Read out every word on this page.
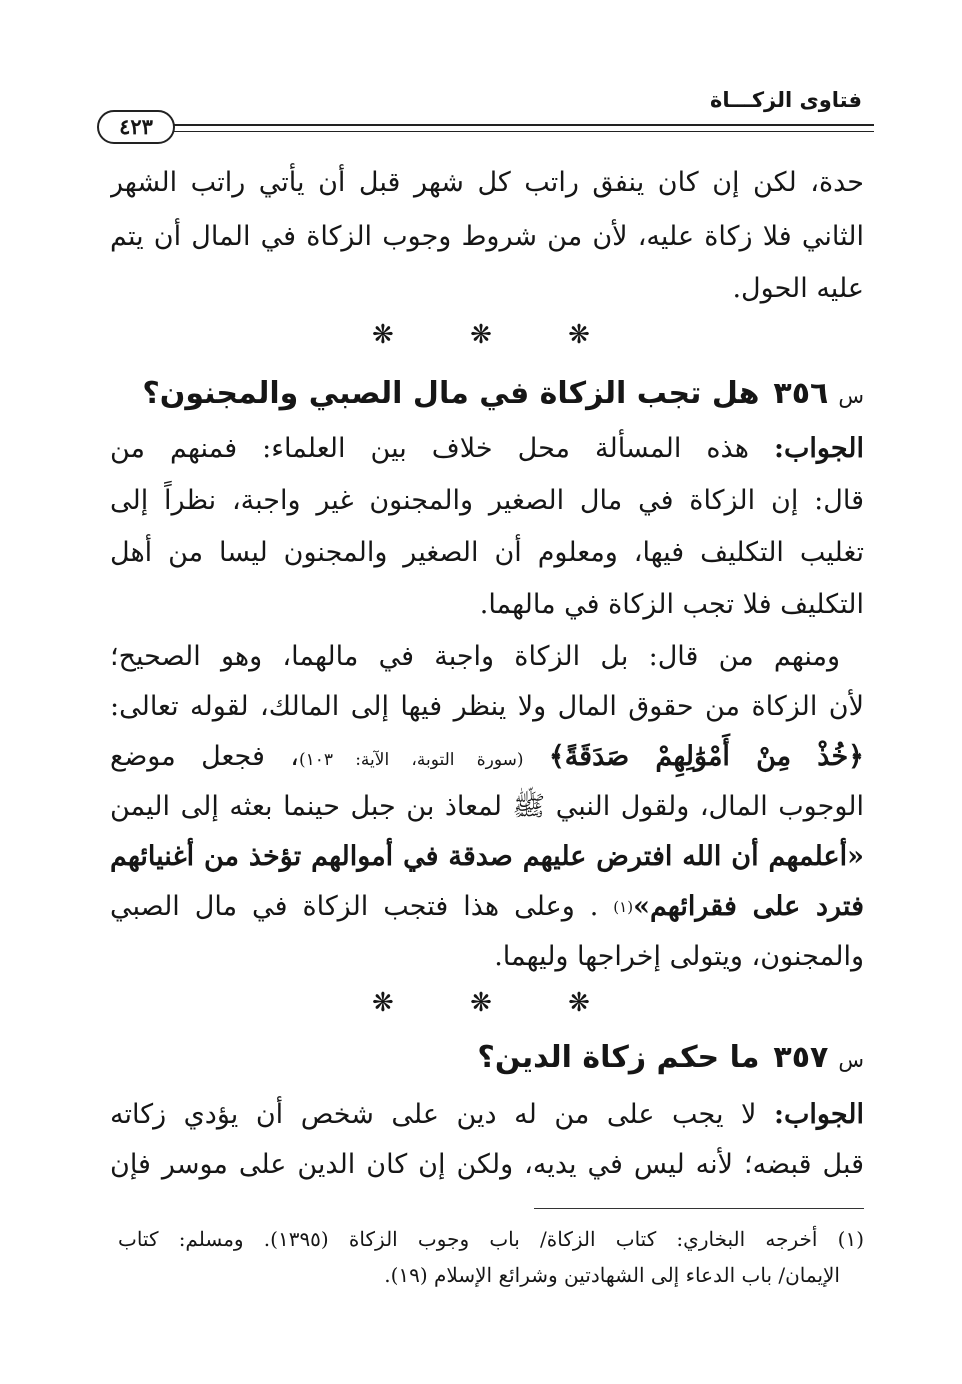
فتاوى الزكـــاة
٤٢٣
حدة، لكن إن كان ينفق راتب كل شهر قبل أن يأتي راتب الشهر
الثاني فلا زكاة عليه، لأن من شروط وجوب الزكاة في المال أن يتم
عليه الحول.
❋ ❋ ❋
س٣٥٦هل تجب الزكاة في مال الصبي والمجنون؟
الجواب: هذه المسألة محل خلاف بين العلماء: فمنهم من
قال: إن الزكاة في مال الصغير والمجنون غير واجبة، نظراً إلى
تغليب التكليف فيها، ومعلوم أن الصغير والمجنون ليسا من أهل
التكليف فلا تجب الزكاة في مالهما.
ومنهم من قال: بل الزكاة واجبة في مالهما، وهو الصحيح؛
لأن الزكاة من حقوق المال ولا ينظر فيها إلى المالك، لقوله تعالى:
﴿خُذْ مِنْ أَمْوَٰلِهِمْ صَدَقَةً﴾ (سورة التوبة، الآية: ١٠٣)، فجعل موضع
الوجوب المال، ولقول النبي ﷺ لمعاذ بن جبل حينما بعثه إلى اليمن
«أعلمهم أن الله افترض عليهم صدقة في أموالهم تؤخذ من أغنيائهم
فترد على فقرائهم»$^{(١)}$ . وعلى هذا فتجب الزكاة في مال الصبي
والمجنون، ويتولى إخراجها وليهما.
❋ ❋ ❋
س٣٥٧ما حكم زكاة الدين؟
الجواب: لا يجب على من له دين على شخص أن يؤدي زكاته
قبل قبضه؛ لأنه ليس في يديه، ولكن إن كان الدين على موسر فإن
(١) أخرجه البخاري: كتاب الزكاة/ باب وجوب الزكاة (١٣٩٥). ومسلم: كتاب
الإيمان/ باب الدعاء إلى الشهادتين وشرائع الإسلام (١٩).
